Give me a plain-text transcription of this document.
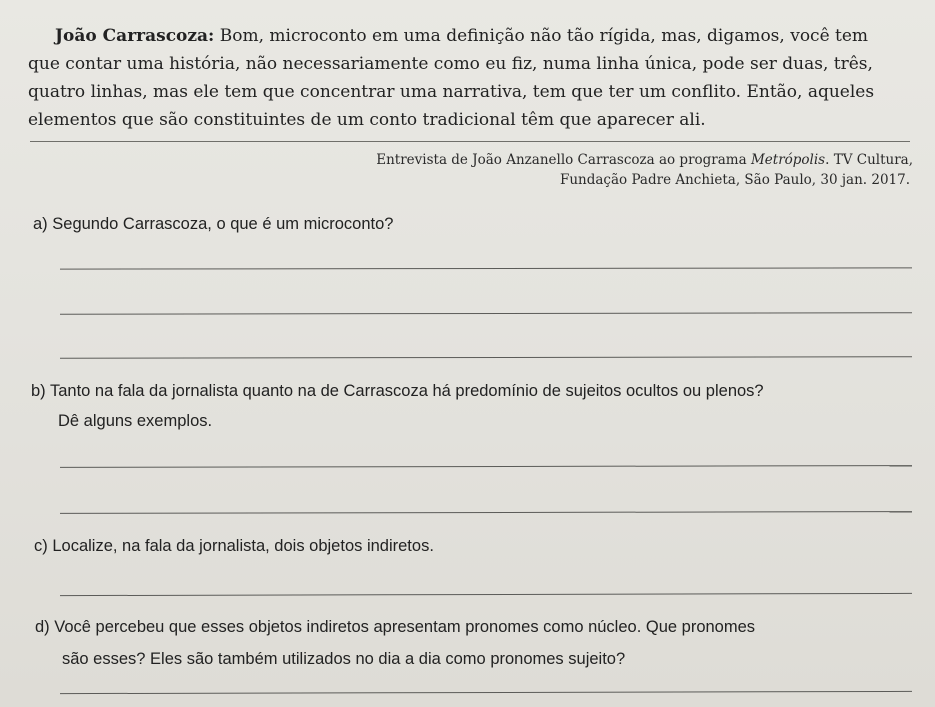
João Carrascoza: Bom, microconto em uma definição não tão rígida, mas, digamos, você tem
que contar uma história, não necessariamente como eu fiz, numa linha única, pode ser duas, três,
quatro linhas, mas ele tem que concentrar uma narrativa, tem que ter um conflito. Então, aqueles
elementos que são constituintes de um conto tradicional têm que aparecer ali.
Entrevista de João Anzanello Carrascoza ao programa Metrópolis. TV Cultura,
Fundação Padre Anchieta, São Paulo, 30 jan. 2017.
a) Segundo Carrascoza, o que é um microconto?
b) Tanto na fala da jornalista quanto na de Carrascoza há predomínio de sujeitos ocultos ou plenos?
Dê alguns exemplos.
c) Localize, na fala da jornalista, dois objetos indiretos.
d) Você percebeu que esses objetos indiretos apresentam pronomes como núcleo. Que pronomes
são esses? Eles são também utilizados no dia a dia como pronomes sujeito?
